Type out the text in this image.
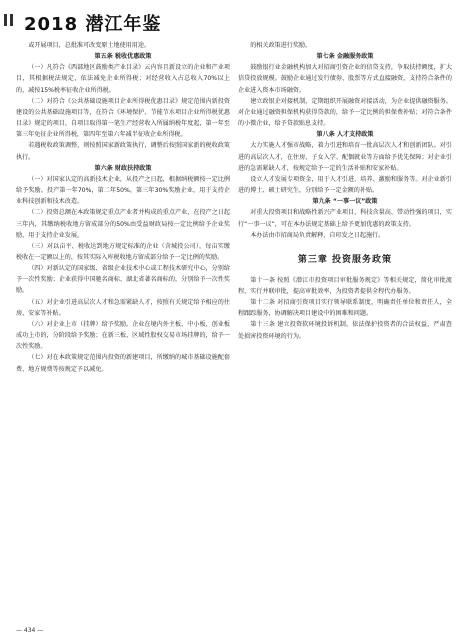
2018 潜江年鉴

或开展项目，总批准可改变原土地使用用途。

第五条 税收优惠政策

（一）凡符合《西部地区鼓励类产业目录》云内容且新设立的企业和产业项目，其根据税法规定，依法减免企业所得税；对经营收入占总收入70%以上的，减按15%税率征收企业所得税。

（二）对符合《公共基础设施项目企业所得税优惠目录》规定范围内新投资建设的公共基础设施项目等，在符合《环境保护、节能节水项目企业所得税优惠目录》规定的项目，自项目取得第一笔生产经营收入所属纳税年度起，第一年至第三年免征企业所得税，第四年至第六年减半征收企业所得税。

若遇税收政策调整，则按照国家新政策执行，调整后按照国家新的税收政策执行。

第六条 财政扶持政策

（一）对国家认定的高新技术企业，从投产之日起，根据纳税额按一定比例给予奖励。投产第一年70%，第二年50%，第三年30%奖励企业，用于支持企业科技创新和技术改造。

（二）投资总额在本政策规定重点产业者并构成的重点产业，在投产之日起三年内，其缴纳税收地方留成部分的50%由受益财政局按一定比例给予企业奖励，用于支持企业发展。

（三）对以亩平、税收达到地方规定标准的企业（含城投公司），每亩实缴税收在一定额以上的，按其实际入库税收地方留成部分给予一定比例的奖励。

（四）对新认定的国家级、省级企业技术中心或工程技术研究中心，分别给予一次性奖励；企业获得中国驰名商标、湖北省著名商标的，分别给予一次性奖励。

（五）对企业引进高层次人才和急需紧缺人才，按照有关规定给予相应的住房、安家等补贴。

（六）对企业上市（挂牌）给予奖励。企业在境内外主板、中小板、创业板成功上市的，分阶段给予奖励；在新三板、区域性股权交易市场挂牌的，给予一次性奖励。

（七）对在本政策规定范围内投资的新建项目，所缴纳的城市基础设施配套费、地方规费等按规定予以减免。

的相关政策进行奖励。

第七条 金融服务政策

鼓励银行业金融机构加大对招商引资企业的信贷支持，争取扶持额度，扩大信贷投放规模。鼓励企业通过发行债券、股票等方式直接融资，支持符合条件的企业进入资本市场融资。

建立政银企对接机制，定期组织开展融资对接活动，为企业提供融资服务。对企业通过融资担保机构获得贷款的，给予一定比例的担保费补贴；对符合条件的小微企业，给予贷款贴息支持。

第八条 人才支持政策

大力实施人才强市战略，着力引进和培育一批高层次人才和创新团队。对引进的高层次人才，在住房、子女入学、配偶就业等方面给予优先保障；对企业引进的急需紧缺人才，按规定给予一定的生活补贴和安家补贴。

设立人才发展专项资金，用于人才引进、培养、激励和服务等。对企业新引进的博士、硕士研究生，分别给予一定金额的补贴。

第九条 “一事一议”政策

对重大投资项目和战略性新兴产业项目、科技含量高、带动性强的项目，实行“一事一议”，可在本办法规定基础上给予更加优惠的政策支持。

本办法由市招商局负责解释，自印发之日起施行。

第三章 投资服务政策

第十一条 按照《潜江市投资项目审批服务规定》等相关规定，简化审批流程，实行并联审批，提高审批效率，为投资者提供全程代办服务。

第十二条 对招商引资项目实行领导联系制度，明确责任单位和责任人，全程跟踪服务，协调解决项目建设中的困难和问题。

第十三条 建立投资软环境投诉机制，依法保护投资者的合法权益，严肃查处损害投资环境的行为。

— 434 —
